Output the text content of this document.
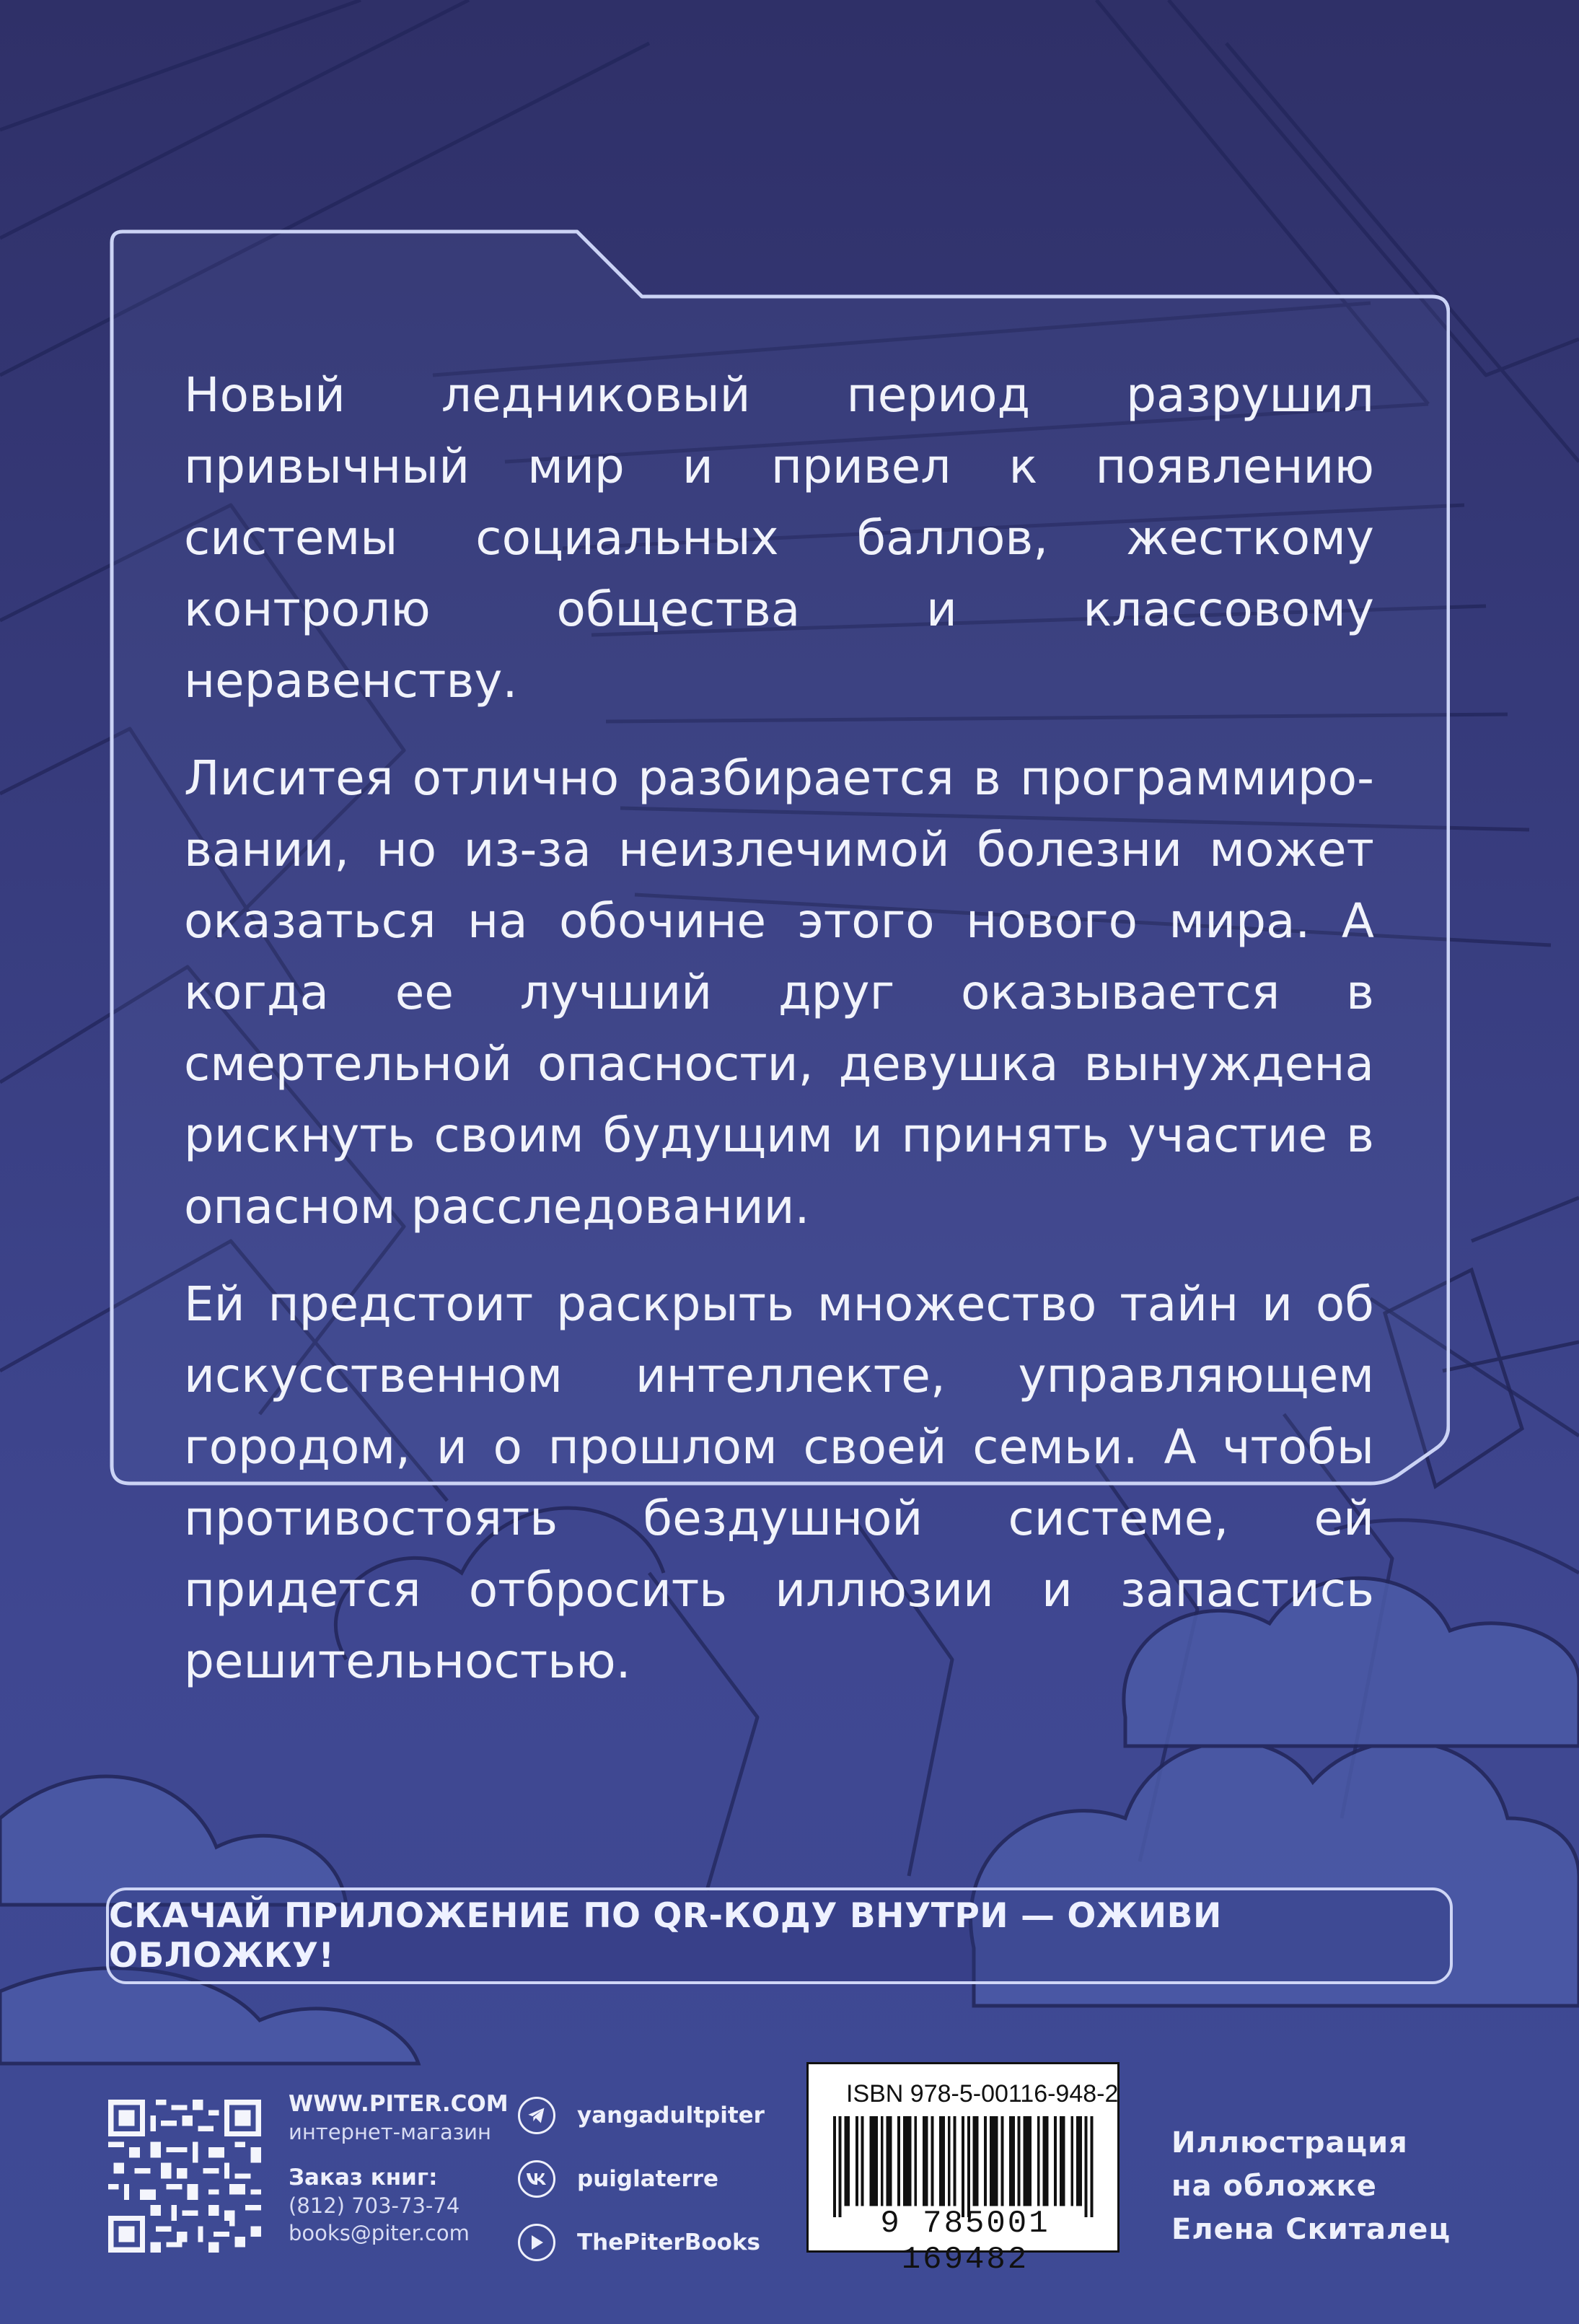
Новый ледниковый период разрушил привычный мир и привел к появлению системы социальных баллов, жесткому контролю общества и классовому неравенству.

Лиситея отлично разбирается в программировании, но из-за неизлечимой болезни может оказаться на обочине этого нового мира. А когда ее лучший друг оказывается в смертельной опасности, девушка вынуждена рискнуть своим будущим и принять участие в опасном расследовании.

Ей предстоит раскрыть множество тайн и об искусственном интеллекте, управляющем городом, и о прошлом своей семьи. А чтобы противостоять бездушной системе, ей придется отбросить иллюзии и запастись решительностью.

СКАЧАЙ ПРИЛОЖЕНИЕ ПО QR-КОДУ ВНУТРИ — ОЖИВИ ОБЛОЖКУ!
WWW.PITER.COM
интернет-магазин
Заказ книг:
(812) 703-73-74
books@piter.com
yangadultpiter
puiglaterre
ThePiterBooks
ISBN 978-5-00116-948-2
9 785001 169482
Иллюстрация
на обложке
Елена Скиталец
